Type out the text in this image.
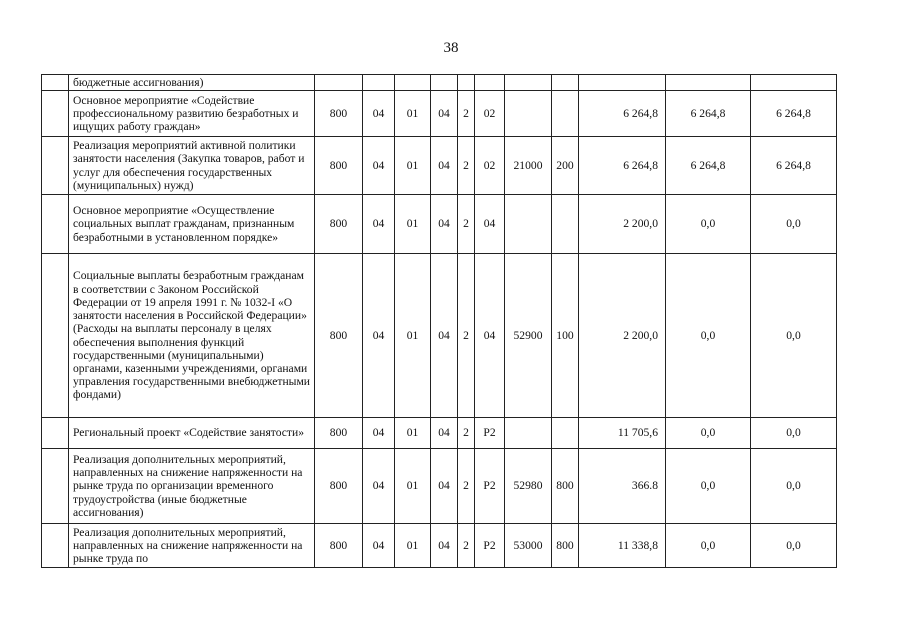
38
	бюджетные ассигнования)											
	Основное мероприятие «Содействие профессиональному развитию безработных и ищущих работу граждан»	800	04	01	04	2	02			6 264,8	6 264,8	6 264,8
	Реализация мероприятий активной политики занятости населения (Закупка товаров, работ и услуг для обеспечения государственных (муниципальных) нужд)	800	04	01	04	2	02	21000	200	6 264,8	6 264,8	6 264,8
	Основное мероприятие «Осуществление социальных выплат гражданам, признанным безработными в установленном порядке»	800	04	01	04	2	04			2 200,0	0,0	0,0
	Социальные выплаты безработным гражданам в соответствии с Законом Российской Федерации от 19 апреля 1991 г. № 1032-I «О занятости населения в Российской Федерации» (Расходы на выплаты персоналу в целях обеспечения выполнения функций государственными (муниципальными) органами, казенными учреждениями, органами управления государственными внебюджетными фондами)	800	04	01	04	2	04	52900	100	2 200,0	0,0	0,0
	Региональный проект «Содействие занятости»	800	04	01	04	2	P2			11 705,6	0,0	0,0
	Реализация дополнительных мероприятий, направленных на снижение напряженности на рынке труда по организации временного трудоустройства (иные бюджетные ассигнования)	800	04	01	04	2	P2	52980	800	366.8	0,0	0,0
	Реализация дополнительных мероприятий, направленных на снижение напряженности на рынке труда по	800	04	01	04	2	P2	53000	800	11 338,8	0,0	0,0
